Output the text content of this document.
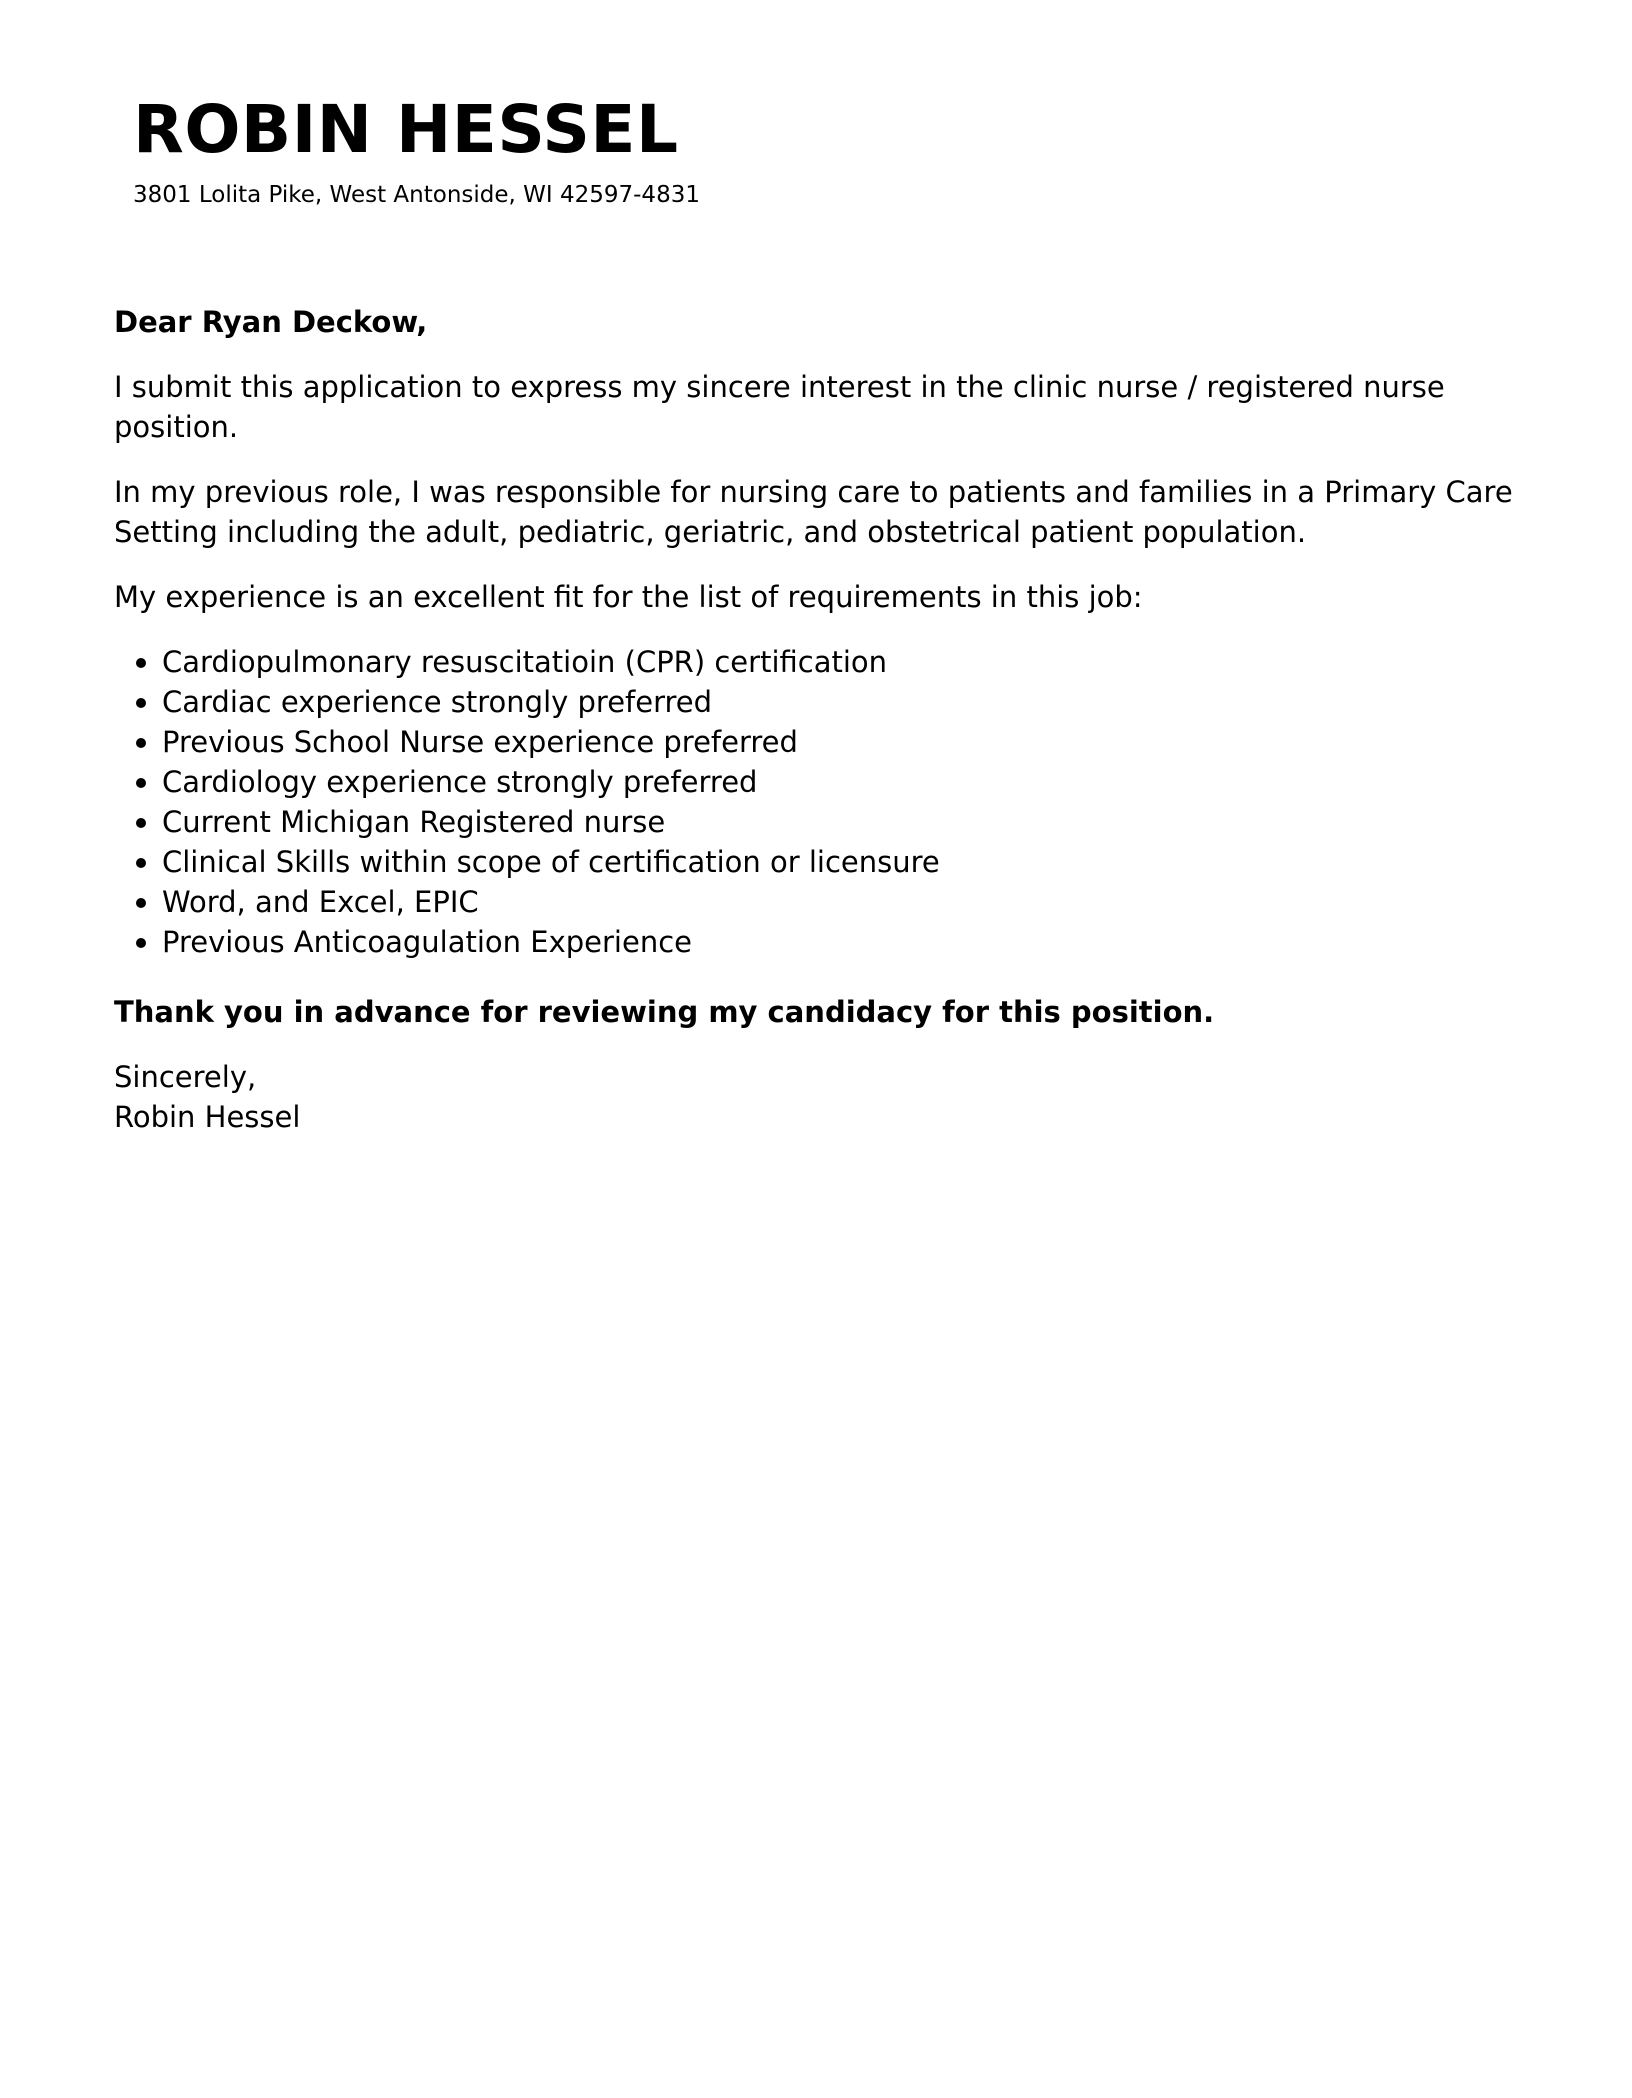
ROBIN HESSEL
3801 Lolita Pike, West Antonside, WI 42597-4831

Dear Ryan Deckow,

I submit this application to express my sincere interest in the clinic nurse / registered nurse position.

In my previous role, I was responsible for nursing care to patients and families in a Primary Care Setting including the adult, pediatric, geriatric, and obstetrical patient population.

My experience is an excellent fit for the list of requirements in this job:

Cardiopulmonary resuscitatioin (CPR) certification
Cardiac experience strongly preferred
Previous School Nurse experience preferred
Cardiology experience strongly preferred
Current Michigan Registered nurse
Clinical Skills within scope of certification or licensure
Word, and Excel, EPIC
Previous Anticoagulation Experience

Thank you in advance for reviewing my candidacy for this position.

Sincerely,

Robin Hessel
